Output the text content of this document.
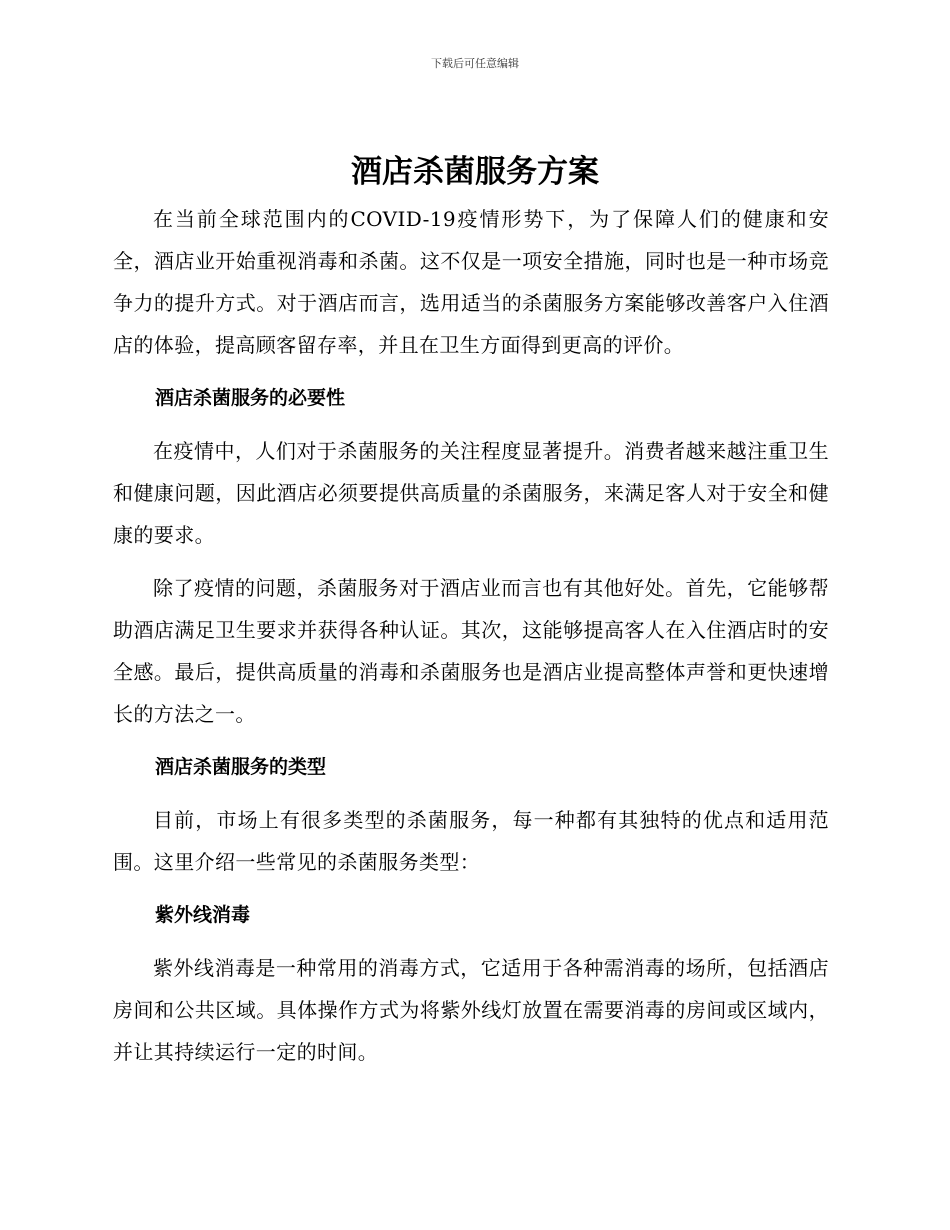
下载后可任意编辑
酒店杀菌服务方案

在当前全球范围内的COVID-19疫情形势下，为了保障人们的健康和安全，酒店业开始重视消毒和杀菌。这不仅是一项安全措施，同时也是一种市场竞争力的提升方式。对于酒店而言，选用适当的杀菌服务方案能够改善客户入住酒店的体验，提高顾客留存率，并且在卫生方面得到更高的评价。

酒店杀菌服务的必要性

在疫情中，人们对于杀菌服务的关注程度显著提升。消费者越来越注重卫生和健康问题，因此酒店必须要提供高质量的杀菌服务，来满足客人对于安全和健康的要求。

除了疫情的问题，杀菌服务对于酒店业而言也有其他好处。首先，它能够帮助酒店满足卫生要求并获得各种认证。其次，这能够提高客人在入住酒店时的安全感。最后，提供高质量的消毒和杀菌服务也是酒店业提高整体声誉和更快速增长的方法之一。

酒店杀菌服务的类型

目前，市场上有很多类型的杀菌服务，每一种都有其独特的优点和适用范围。这里介绍一些常见的杀菌服务类型：

紫外线消毒

紫外线消毒是一种常用的消毒方式，它适用于各种需消毒的场所，包括酒店房间和公共区域。具体操作方式为将紫外线灯放置在需要消毒的房间或区域内，并让其持续运行一定的时间。
